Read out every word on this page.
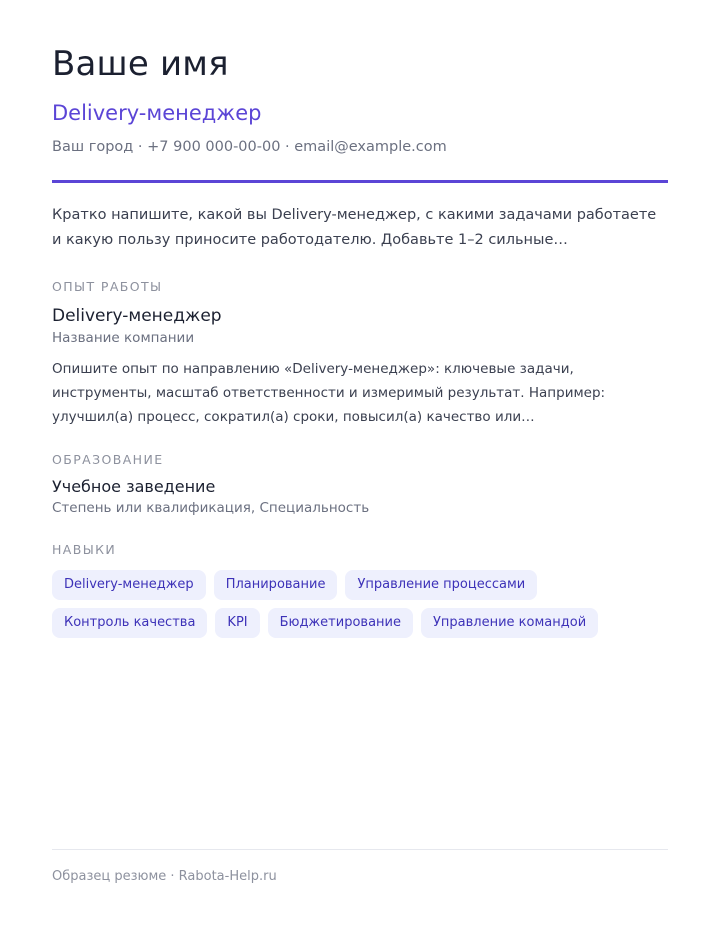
Ваше имя
Delivery-менеджер
Ваш город · +7 900 000-00-00 · email@example.com
Кратко напишите, какой вы Delivery-менеджер, с какими задачами работаете и какую пользу приносите работодателю. Добавьте 1–2 сильные…
ОПЫТ РАБОТЫ
Delivery-менеджер
Название компании
Опишите опыт по направлению «Delivery-менеджер»: ключевые задачи, инструменты, масштаб ответственности и измеримый результат. Например: улучшил(а) процесс, сократил(а) сроки, повысил(а) качество или…
ОБРАЗОВАНИЕ
Учебное заведение
Степень или квалификация, Специальность
НАВЫКИ
Delivery-менеджер	Планирование	Управление процессами
Контроль качества	KPI	Бюджетирование	Управление командой
Образец резюме · Rabota-Help.ru
